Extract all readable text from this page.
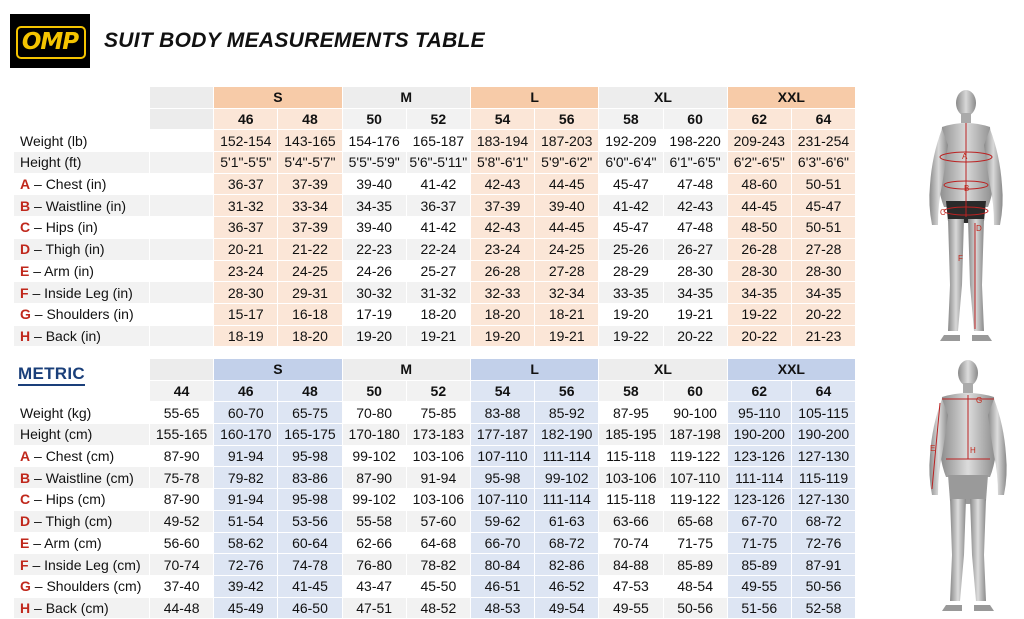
OMP	SUIT BODY MEASUREMENTS TABLE
METRIC
		S		M		L		XL		XXL	
		46	48	50	52	54	56	58	60	62	64
Weight (lb)		152-154	143-165	154-176	165-187	183-194	187-203	192-209	198-220	209-243	231-254
Height (ft)		5'1"-5'5"	5'4"-5'7"	5'5"-5'9"	5'6"-5'11"	5'8"-6'1"	5'9"-6'2"	6'0"-6'4"	6'1"-6'5"	6'2"-6'5"	6'3"-6'6"
A – Chest (in)		36-37	37-39	39-40	41-42	42-43	44-45	45-47	47-48	48-60	50-51
B – Waistline (in)		31-32	33-34	34-35	36-37	37-39	39-40	41-42	42-43	44-45	45-47
C – Hips (in)		36-37	37-39	39-40	41-42	42-43	44-45	45-47	47-48	48-50	50-51
D – Thigh (in)		20-21	21-22	22-23	22-24	23-24	24-25	25-26	26-27	26-28	27-28
E – Arm (in)		23-24	24-25	24-26	25-27	26-28	27-28	28-29	28-30	28-30	28-30
F – Inside Leg (in)		28-30	29-31	30-32	31-32	32-33	32-34	33-35	34-35	34-35	34-35
G – Shoulders (in)		15-17	16-18	17-19	18-20	18-20	18-21	19-20	19-21	19-22	20-22
H – Back (in)		18-19	18-20	19-20	19-21	19-20	19-21	19-22	20-22	20-22	21-23
		S		M		L		XL		XXL	
	44	46	48	50	52	54	56	58	60	62	64
Weight (kg)	55-65	60-70	65-75	70-80	75-85	83-88	85-92	87-95	90-100	95-110	105-115
Height (cm)	155-165	160-170	165-175	170-180	173-183	177-187	182-190	185-195	187-198	190-200	190-200
A – Chest (cm)	87-90	91-94	95-98	99-102	103-106	107-110	111-114	115-118	119-122	123-126	127-130
B – Waistline (cm)	75-78	79-82	83-86	87-90	91-94	95-98	99-102	103-106	107-110	111-114	115-119
C – Hips (cm)	87-90	91-94	95-98	99-102	103-106	107-110	111-114	115-118	119-122	123-126	127-130
D – Thigh (cm)	49-52	51-54	53-56	55-58	57-60	59-62	61-63	63-66	65-68	67-70	68-72
E – Arm (cm)	56-60	58-62	60-64	62-66	64-68	66-70	68-72	70-74	71-75	71-75	72-76
F – Inside Leg (cm)	70-74	72-76	74-78	76-80	78-82	80-84	82-86	84-88	85-89	85-89	87-91
G – Shoulders (cm)	37-40	39-42	41-45	43-47	45-50	46-51	46-52	47-53	48-54	49-55	50-56
H – Back (cm)	44-48	45-49	46-50	47-51	48-52	48-53	49-54	49-55	50-56	51-56	52-58
A
B
C
D
F
G
E	H
